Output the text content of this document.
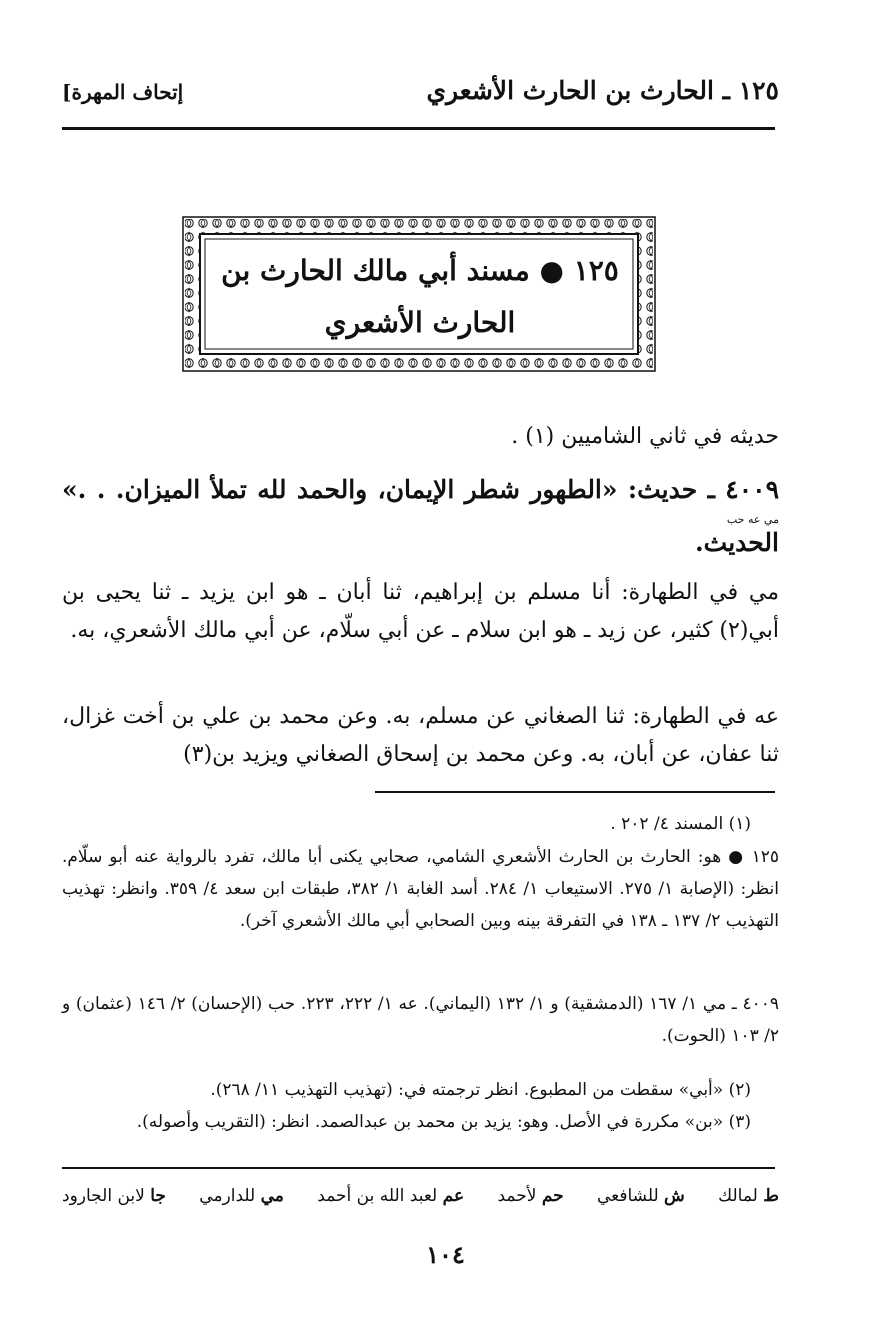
١٢٥ ـ الحارث بن الحارث الأشعري
[إتحاف المهرة
١٢٥ ● مسند أبي مالك الحارث بن
الحارث الأشعري
حديثه في ثاني الشاميين (١) .
٤٠٠٩ ـ حديث: «الطهور شطر الإيمان، والحمد لله تملأ الميزان. . .»
مي عه حب
الحديث.
مي في الطهارة: أنا مسلم بن إبراهيم، ثنا أبان ـ هو ابن يزيد ـ ثنا يحيى بن أبي(٢) كثير، عن زيد ـ هو ابن سلام ـ عن أبي سلّام، عن أبي مالك الأشعري، به.
عه في الطهارة: ثنا الصغاني عن مسلم، به. وعن محمد بن علي بن أخت غزال، ثنا عفان، عن أبان، به. وعن محمد بن إسحاق الصغاني ويزيد بن(٣)
(١) المسند ٤/ ٢٠٢ .
١٢٥ ● هو: الحارث بن الحارث الأشعري الشامي، صحابي يكنى أبا مالك، تفرد بالرواية عنه أبو سلّام. انظر: (الإصابة ١/ ٢٧٥. الاستيعاب ١/ ٢٨٤. أسد الغابة ١/ ٣٨٢، طبقات ابن سعد ٤/ ٣٥٩. وانظر: تهذيب التهذيب ٢/ ١٣٧ ـ ١٣٨ في التفرقة بينه وبين الصحابي أبي مالك الأشعري آخر).
٤٠٠٩ ـ مي ١/ ١٦٧ (الدمشقية) و ١/ ١٣٢ (اليماني). عه ١/ ٢٢٢، ٢٢٣. حب (الإحسان) ٢/ ١٤٦ (عثمان) و ٢/ ١٠٣ (الحوت).
(٢) «أبي» سقطت من المطبوع. انظر ترجمته في: (تهذيب التهذيب ١١/ ٢٦٨).
(٣) «بن» مكررة في الأصل. وهو: يزيد بن محمد بن عبدالصمد. انظر: (التقريب وأصوله).
ط لمالك
ش للشافعي
حم لأحمد
عم لعبد الله بن أحمد
مي للدارمي
جا لابن الجارود
١٠٤
